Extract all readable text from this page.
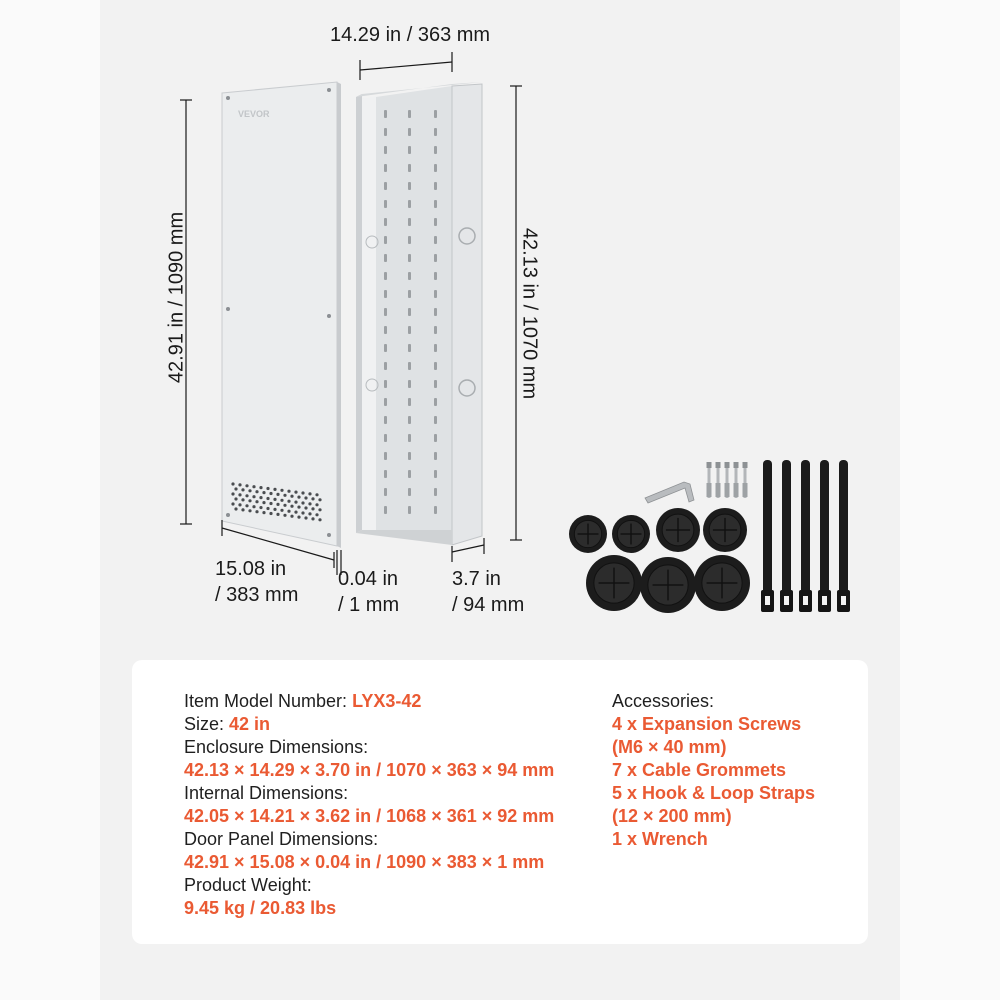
VEVOR
14.29 in / 363 mm
42.91 in / 1090 mm	42.13 in / 1070 mm
15.08 in
/ 383 mm
0.04 in
/ 1 mm
3.7 in
/ 94 mm
Item Model Number: LYX3-42
Size: 42 in
Enclosure Dimensions:
42.13 × 14.29 × 3.70 in / 1070 × 363 × 94 mm
Internal Dimensions:
42.05 × 14.21 × 3.62 in / 1068 × 361 × 92 mm
Door Panel Dimensions:
42.91 × 15.08 × 0.04 in / 1090 × 383 × 1 mm
Product Weight:
9.45 kg / 20.83 lbs
Accessories:
4 x Expansion Screws
(M6 × 40 mm)
7 x Cable Grommets
5 x Hook & Loop Straps
(12 × 200 mm)
1 x Wrench
